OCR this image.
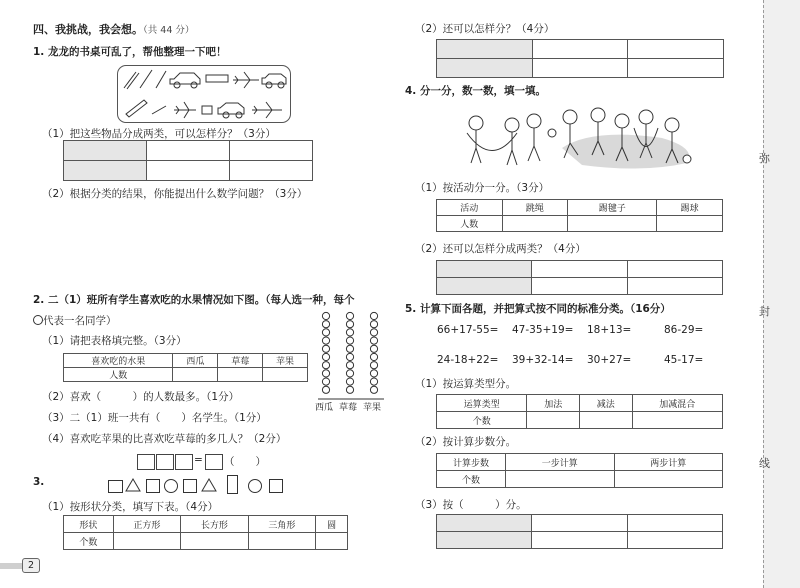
四、我挑战，我会想。（共 44 分）
1. 龙龙的书桌可乱了，帮他整理一下吧！
（1）把这些物品分成两类，可以怎样分？（3分）

（2）根据分类的结果，你能提出什么数学问题？（3分）
2. 二（1）班所有学生喜欢吃的水果情况如下图。（每人选一种，每个
代表一名同学）
（1）请把表格填完整。（3分）
喜欢吃的水果	西瓜	草莓	苹果
人数			
西瓜 草莓 苹果
（2）喜欢（　　　）的人数最多。（1分）
（3）二（1）班一共有（　　）名学生。（1分）
（4）喜欢吃苹果的比喜欢吃草莓的多几人？（2分）
= （　　）
3.
（1）按形状分类，填写下表。（4分）
形状	正方形	长方形	三角形	圆
个数				
2
（2）还可以怎样分？（4分）

4. 分一分，数一数，填一填。
（1）按活动分一分。（3分）
活动	跳绳	踢毽子	踢球
人数			
（2）还可以怎样分成两类？（4分）

5. 计算下面各题，并把算式按不同的标准分类。（16分）
66+17-55= 47-35+19= 18+13=	86-29=
24-18+22= 39+32-14= 30+27=	45-17=
（1）按运算类型分。
运算类型	加法	减法	加减混合
个数			
（2）按计算步数分。
计算步数	一步计算	两步计算
个数		
（3）按（　　　）分。

弥
封
线
